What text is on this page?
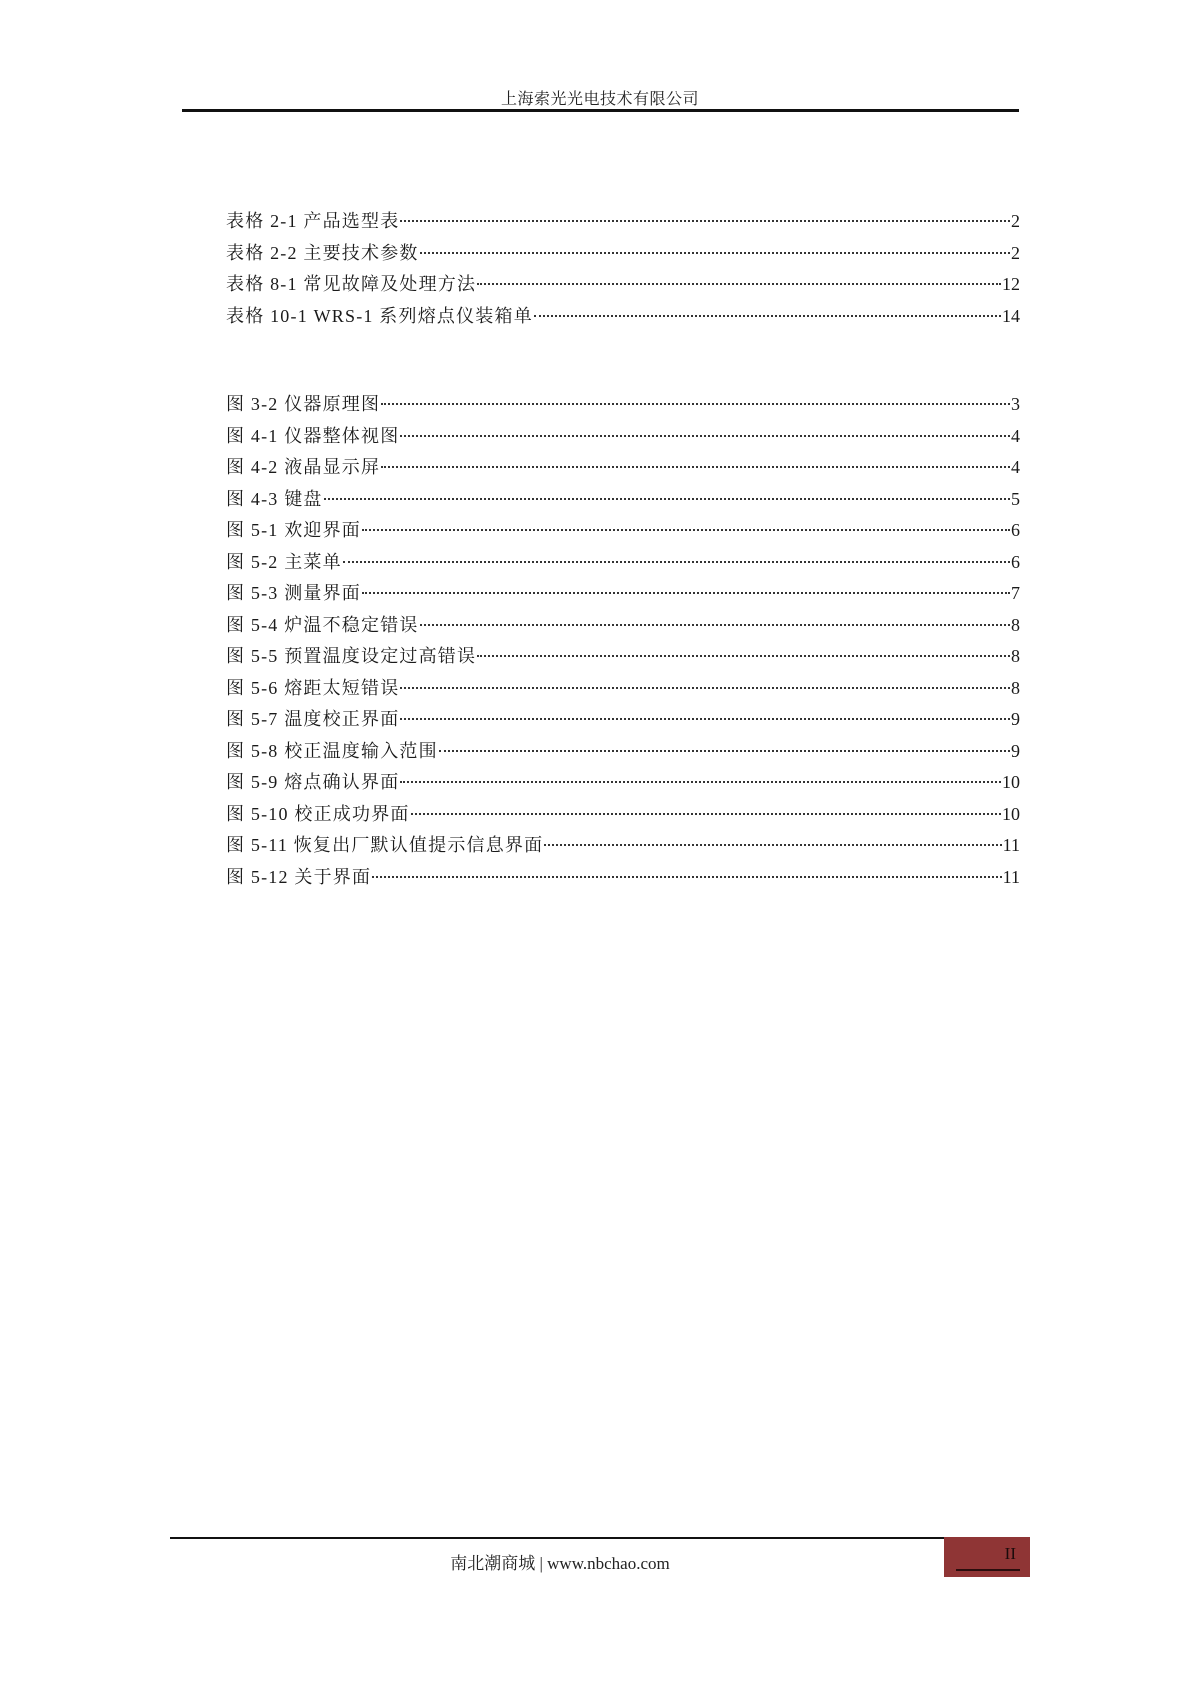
上海索光光电技术有限公司
表格 2-1 产品选型表	2
表格 2-2 主要技术参数	2
表格 8-1 常见故障及处理方法	12
表格 10-1 WRS-1 系列熔点仪装箱单	14
图 3-2 仪器原理图	3
图 4-1 仪器整体视图	4
图 4-2 液晶显示屏	4
图 4-3 键盘	5
图 5-1 欢迎界面	6
图 5-2 主菜单	6
图 5-3 测量界面	7
图 5-4 炉温不稳定错误	8
图 5-5 预置温度设定过高错误	8
图 5-6 熔距太短错误	8
图 5-7 温度校正界面	9
图 5-8 校正温度输入范围	9
图 5-9 熔点确认界面	10
图 5-10 校正成功界面	10
图 5-11 恢复出厂默认值提示信息界面	11
图 5-12 关于界面	11
南北潮商城 | www.nbchao.com
II
